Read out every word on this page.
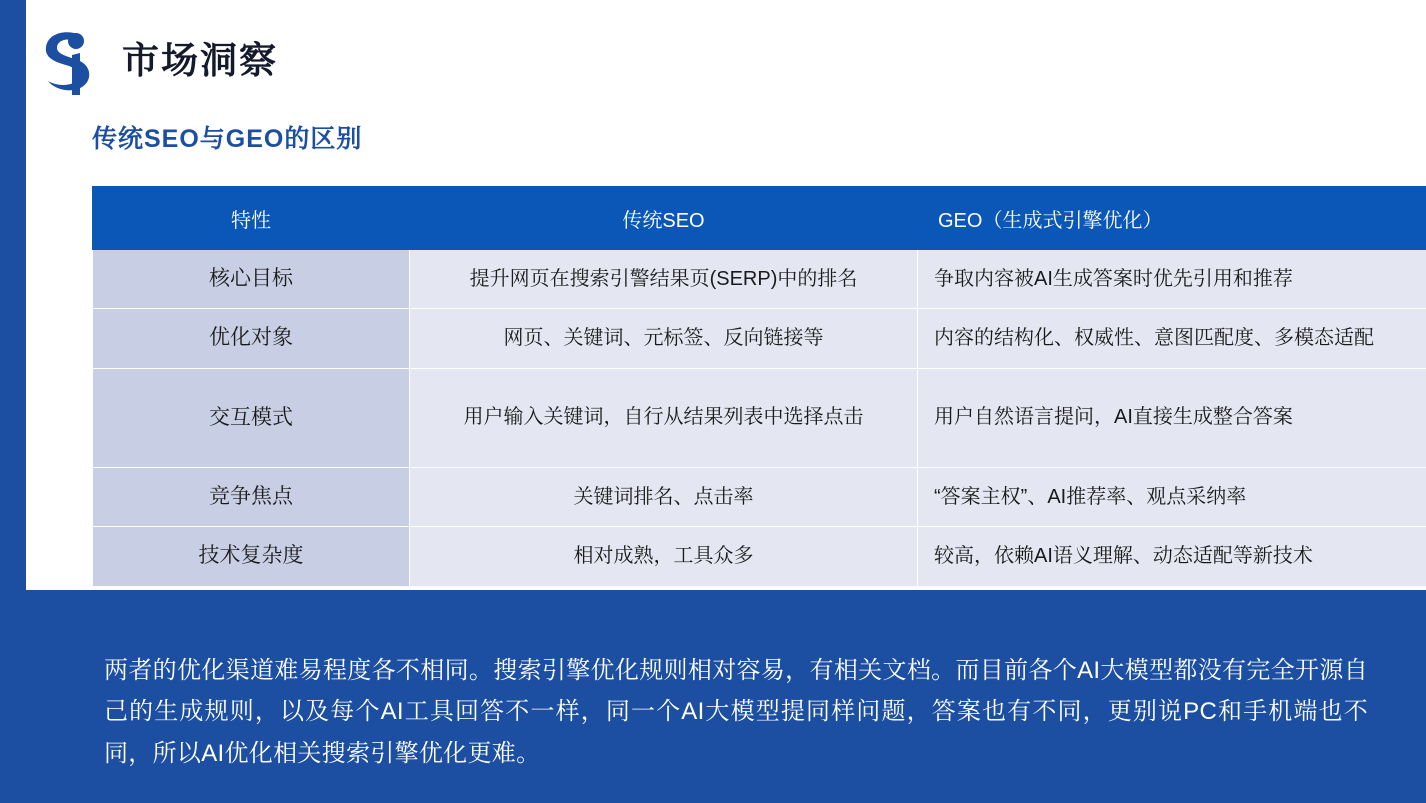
市场洞察
传统SEO与GEO的区别
特性	传统SEO	GEO（生成式引擎优化）
核心目标	提升网页在搜索引警结果页(SERP)中的排名	争取内容被AI生成答案时优先引用和推荐
优化对象	网页、关键词、元标签、反向链接等	内容的结构化、权威性、意图匹配度、多模态适配
交互模式	用户输入关键词，自行从结果列表中选择点击	用户自然语言提问，AI直接生成整合答案
竞争焦点	关键词排名、点击率	“答案主权”、AI推荐率、观点采纳率
技术复杂度	相对成熟，工具众多	较高，依赖AI语义理解、动态适配等新技术
两者的优化渠道难易程度各不相同。搜索引擎优化规则相对容易，有相关文档。而目前各个AI大模型都没有完全开源自己的生成规则，以及每个AI工具回答不一样，同一个AI大模型提同样问题，答案也有不同，更别说PC和手机端也不同，所以AI优化相关搜索引擎优化更难。
